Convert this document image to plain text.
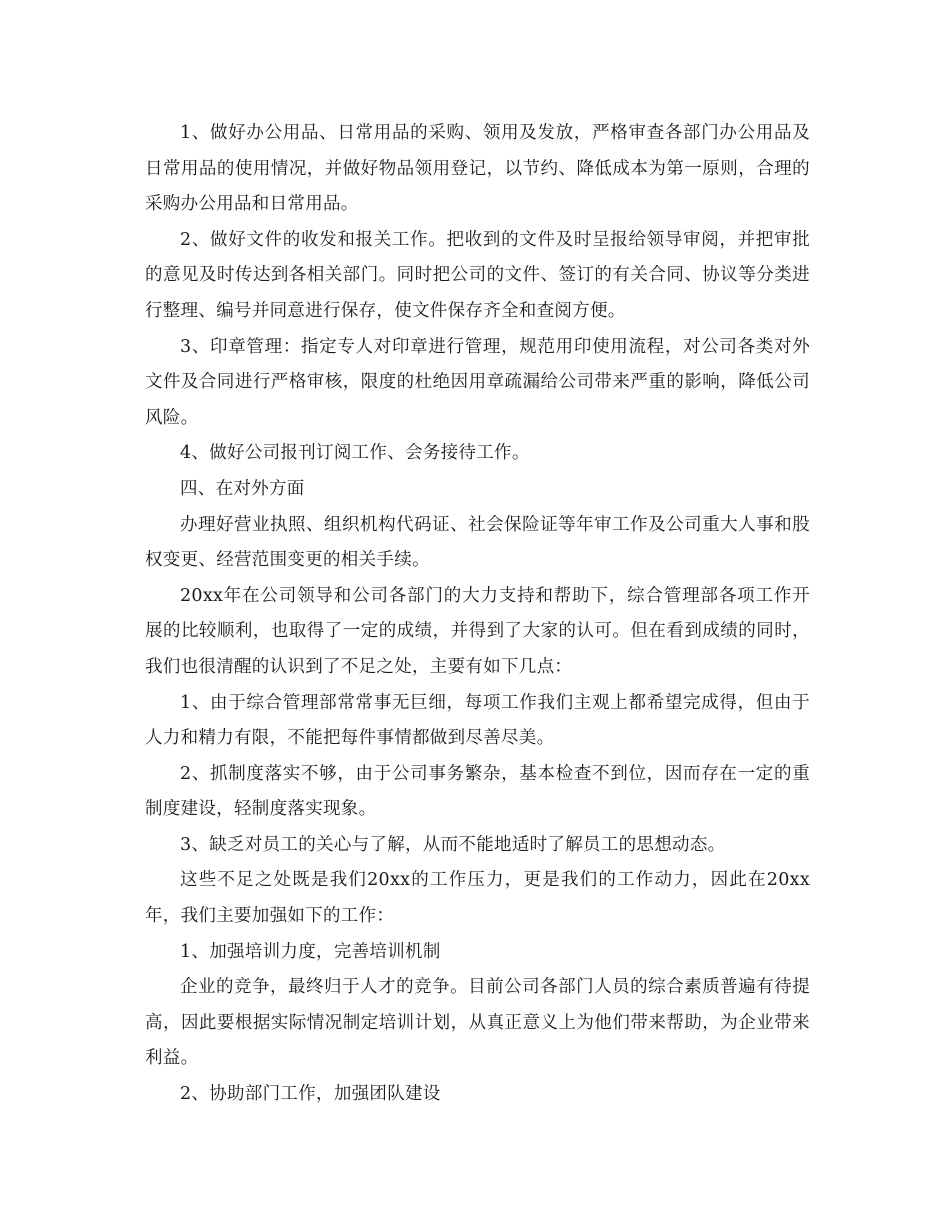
1、做好办公用品、日常用品的采购、领用及发放，严格审查各部门办公用品及日常用品的使用情况，并做好物品领用登记，以节约、降低成本为第一原则，合理的采购办公用品和日常用品。

2、做好文件的收发和报关工作。把收到的文件及时呈报给领导审阅，并把审批的意见及时传达到各相关部门。同时把公司的文件、签订的有关合同、协议等分类进行整理、编号并同意进行保存，使文件保存齐全和查阅方便。

3、印章管理：指定专人对印章进行管理，规范用印使用流程，对公司各类对外文件及合同进行严格审核，限度的杜绝因用章疏漏给公司带来严重的影响，降低公司风险。

4、做好公司报刊订阅工作、会务接待工作。

四、在对外方面

办理好营业执照、组织机构代码证、社会保险证等年审工作及公司重大人事和股权变更、经营范围变更的相关手续。

20xx年在公司领导和公司各部门的大力支持和帮助下，综合管理部各项工作开展的比较顺利，也取得了一定的成绩，并得到了大家的认可。但在看到成绩的同时，我们也很清醒的认识到了不足之处，主要有如下几点：

1、由于综合管理部常常事无巨细，每项工作我们主观上都希望完成得，但由于人力和精力有限，不能把每件事情都做到尽善尽美。

2、抓制度落实不够，由于公司事务繁杂，基本检查不到位，因而存在一定的重制度建设，轻制度落实现象。

3、缺乏对员工的关心与了解，从而不能地适时了解员工的思想动态。

这些不足之处既是我们20xx的工作压力，更是我们的工作动力，因此在20xx年，我们主要加强如下的工作：

1、加强培训力度，完善培训机制

企业的竞争，最终归于人才的竞争。目前公司各部门人员的综合素质普遍有待提高，因此要根据实际情况制定培训计划，从真正意义上为他们带来帮助，为企业带来利益。

2、协助部门工作，加强团队建设
